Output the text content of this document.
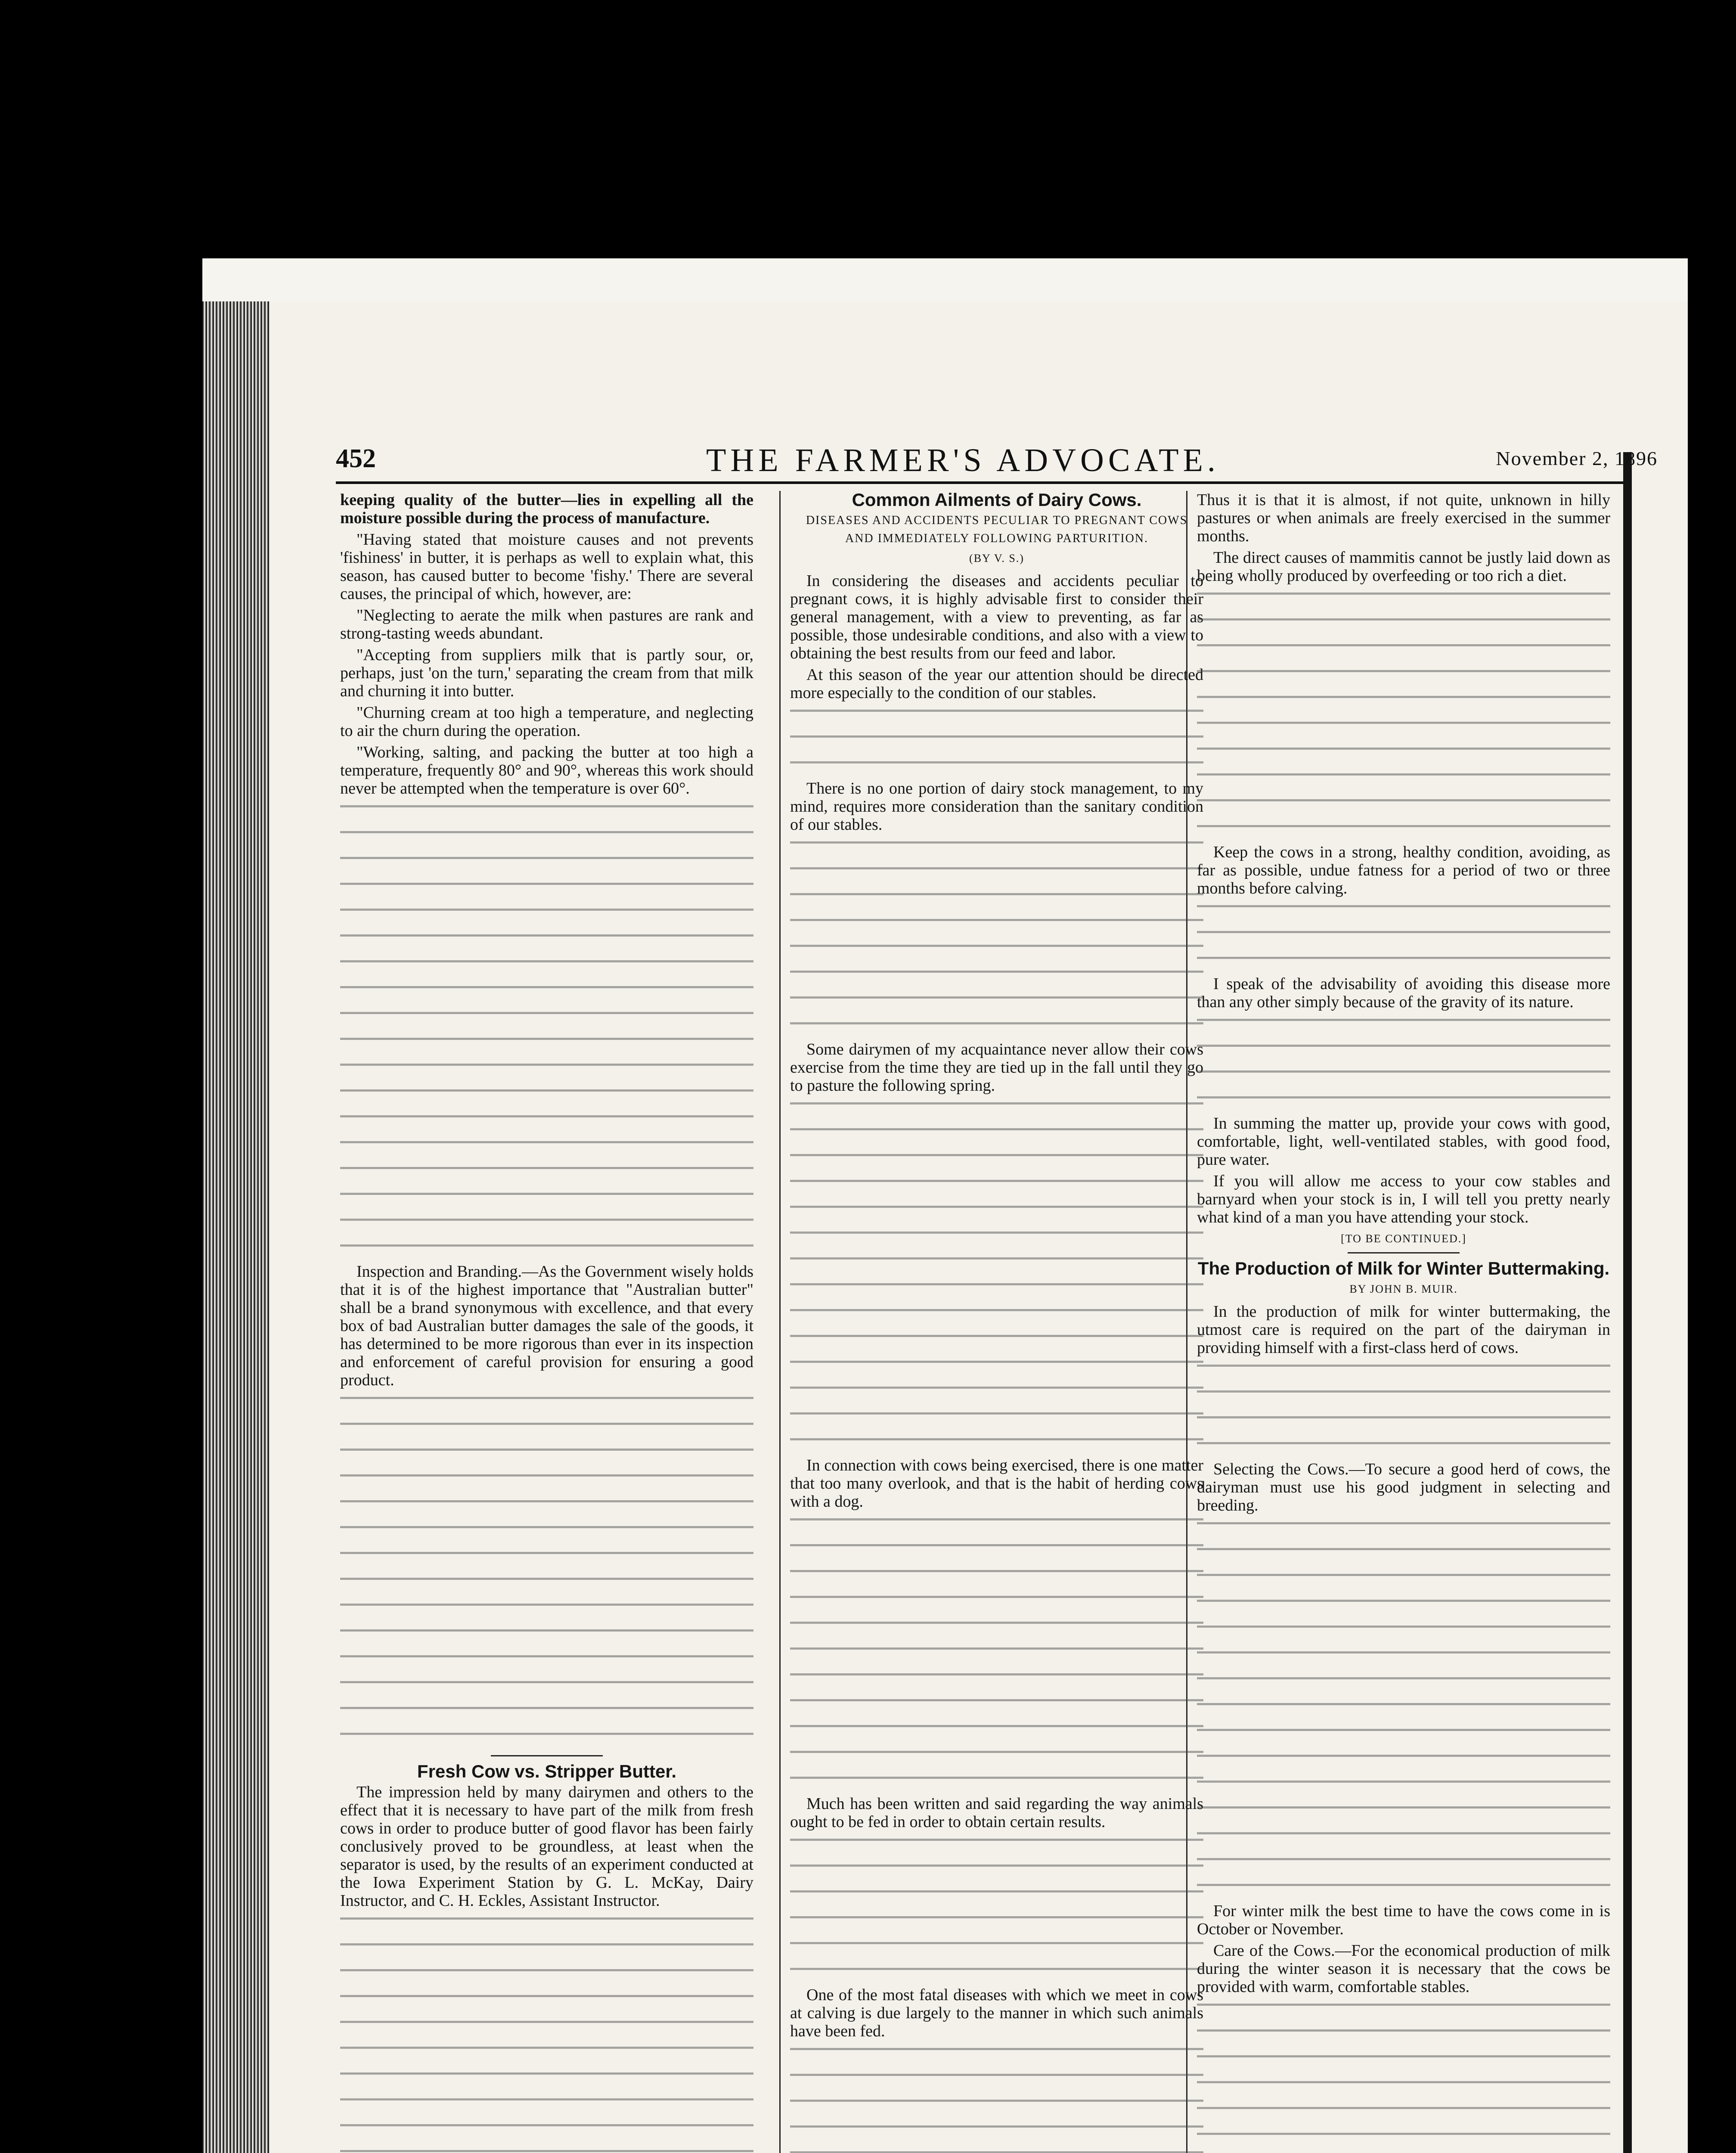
452	THE FARMER'S ADVOCATE.	November 2, 1896

keeping quality of the butter—lies in expelling all the moisture possible during the process of manufacture.

"Having stated that moisture causes and not prevents 'fishiness' in butter, it is perhaps as well to explain what, this season, has caused butter to become 'fishy.' There are several causes, the principal of which, however, are:

"Neglecting to aerate the milk when pastures are rank and strong-tasting weeds abundant.

"Accepting from suppliers milk that is partly sour, or, perhaps, just 'on the turn,' separating the cream from that milk and churning it into butter.

"Churning cream at too high a temperature, and neglecting to air the churn during the operation.

"Working, salting, and packing the butter at too high a temperature, frequently 80° and 90°, whereas this work should never be attempted when the temperature is over 60°.

Inspection and Branding.—As the Government wisely holds that it is of the highest importance that "Australian butter" shall be a brand synonymous with excellence, and that every box of bad Australian butter damages the sale of the goods, it has determined to be more rigorous than ever in its inspection and enforcement of careful provision for ensuring a good product.

Fresh Cow vs. Stripper Butter.

The impression held by many dairymen and others to the effect that it is necessary to have part of the milk from fresh cows in order to produce butter of good flavor has been fairly conclusively proved to be groundless, at least when the separator is used, by the results of an experiment conducted at the Iowa Experiment Station by G. L. McKay, Dairy Instructor, and C. H. Eckles, Assistant Instructor.

Common Ailments of Dairy Cows.
DISEASES AND ACCIDENTS PECULIAR TO PREGNANT COWS AND IMMEDIATELY FOLLOWING PARTURITION.
(BY V. S.)

In considering the diseases and accidents peculiar to pregnant cows, it is highly advisable first to consider their general management, with a view to preventing, as far as possible, those undesirable conditions, and also with a view to obtaining the best results from our feed and labor.

At this season of the year our attention should be directed more especially to the condition of our stables.

There is no one portion of dairy stock management, to my mind, requires more consideration than the sanitary condition of our stables.

Some dairymen of my acquaintance never allow their cows exercise from the time they are tied up in the fall until they go to pasture the following spring.

In connection with cows being exercised, there is one matter that too many overlook, and that is the habit of herding cows with a dog.

Much has been written and said regarding the way animals ought to be fed in order to obtain certain results.

One of the most fatal diseases with which we meet in cows at calving is due largely to the manner in which such animals have been fed.

Thus it is that it is almost, if not quite, unknown in hilly pastures or when animals are freely exercised in the summer months.

The direct causes of mammitis cannot be justly laid down as being wholly produced by overfeeding or too rich a diet.

Keep the cows in a strong, healthy condition, avoiding, as far as possible, undue fatness for a period of two or three months before calving.

I speak of the advisability of avoiding this disease more than any other simply because of the gravity of its nature.

In summing the matter up, provide your cows with good, comfortable, light, well-ventilated stables, with good food, pure water.

If you will allow me access to your cow stables and barnyard when your stock is in, I will tell you pretty nearly what kind of a man you have attending your stock.

[TO BE CONTINUED.]
The Production of Milk for Winter Buttermaking.
BY JOHN B. MUIR.

In the production of milk for winter buttermaking, the utmost care is required on the part of the dairyman in providing himself with a first-class herd of cows.

Selecting the Cows.—To secure a good herd of cows, the dairyman must use his good judgment in selecting and breeding.

For winter milk the best time to have the cows come in is October or November.

Care of the Cows.—For the economical production of milk during the winter season it is necessary that the cows be provided with warm, comfortable stables.
